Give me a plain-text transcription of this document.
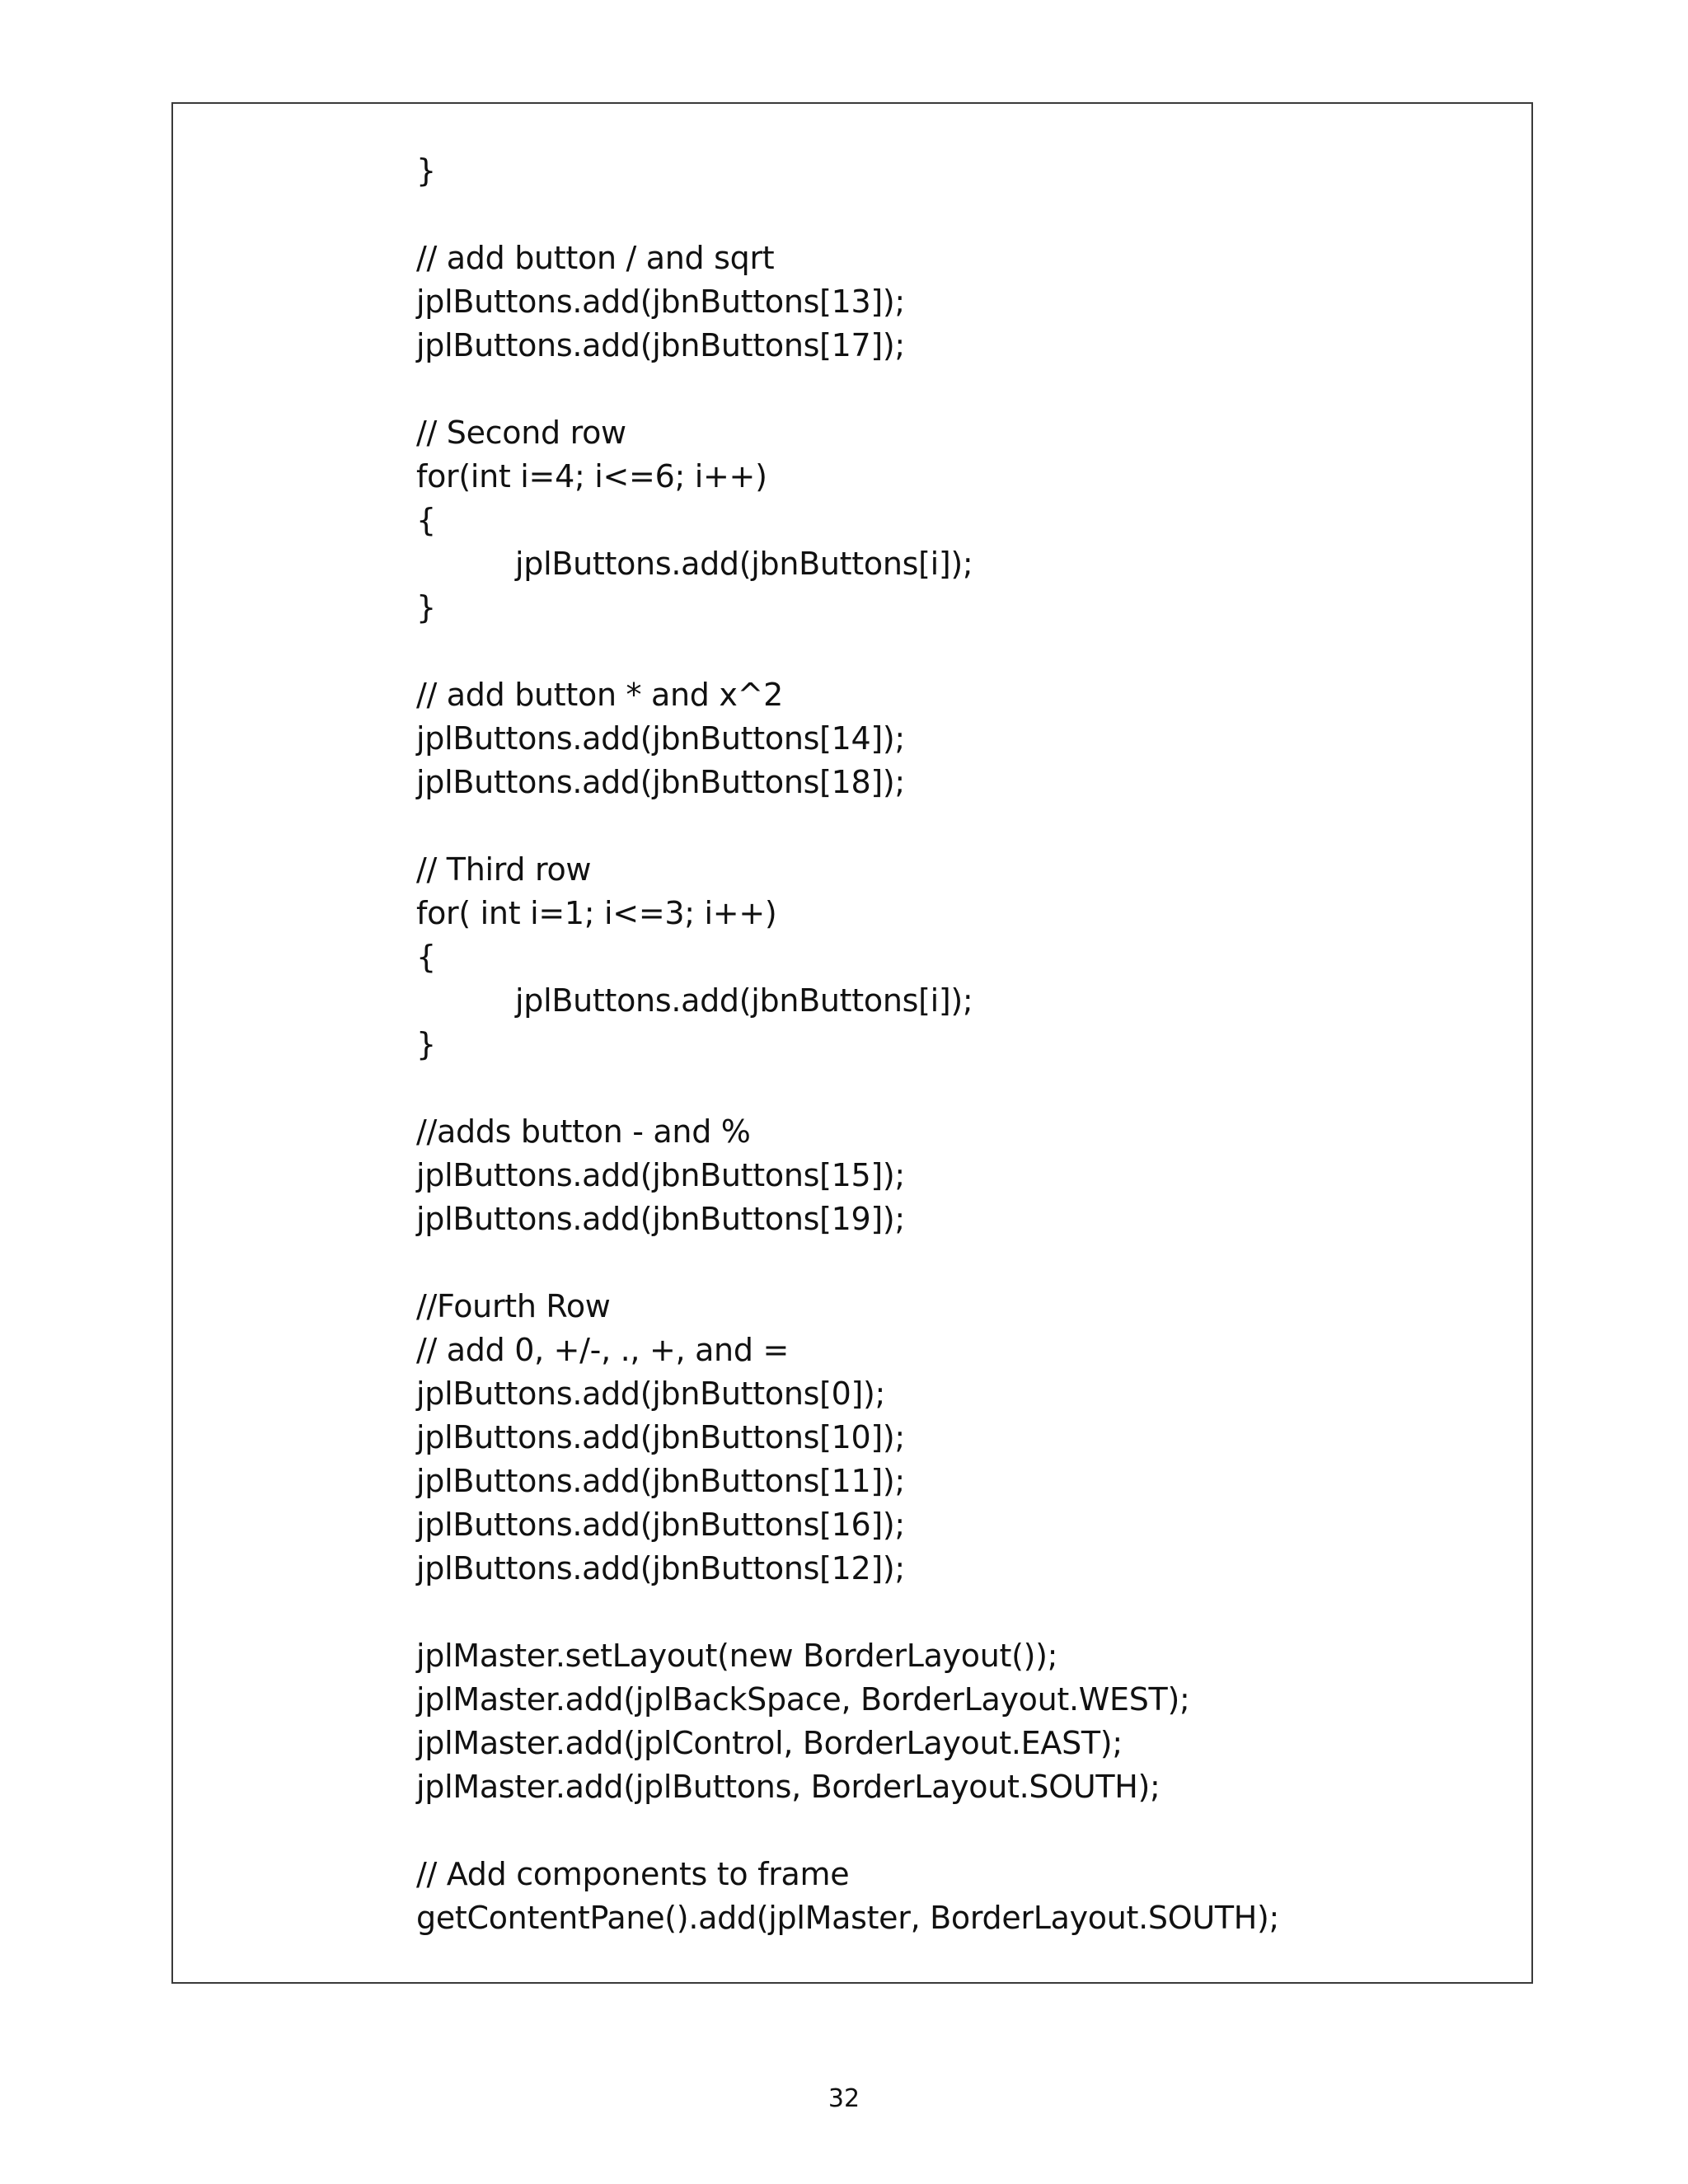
}
// add button / and sqrt
jplButtons.add(jbnButtons[13]);
jplButtons.add(jbnButtons[17]);
// Second row
for(int i=4; i<=6; i++)
{
jplButtons.add(jbnButtons[i]);
}
// add button * and x^2
jplButtons.add(jbnButtons[14]);
jplButtons.add(jbnButtons[18]);
// Third row
for( int i=1; i<=3; i++)
{
jplButtons.add(jbnButtons[i]);
}
//adds button - and %
jplButtons.add(jbnButtons[15]);
jplButtons.add(jbnButtons[19]);
//Fourth Row
// add 0, +/-, ., +, and =
jplButtons.add(jbnButtons[0]);
jplButtons.add(jbnButtons[10]);
jplButtons.add(jbnButtons[11]);
jplButtons.add(jbnButtons[16]);
jplButtons.add(jbnButtons[12]);
jplMaster.setLayout(new BorderLayout());
jplMaster.add(jplBackSpace, BorderLayout.WEST);
jplMaster.add(jplControl, BorderLayout.EAST);
jplMaster.add(jplButtons, BorderLayout.SOUTH);
// Add components to frame
getContentPane().add(jplMaster, BorderLayout.SOUTH);
32
